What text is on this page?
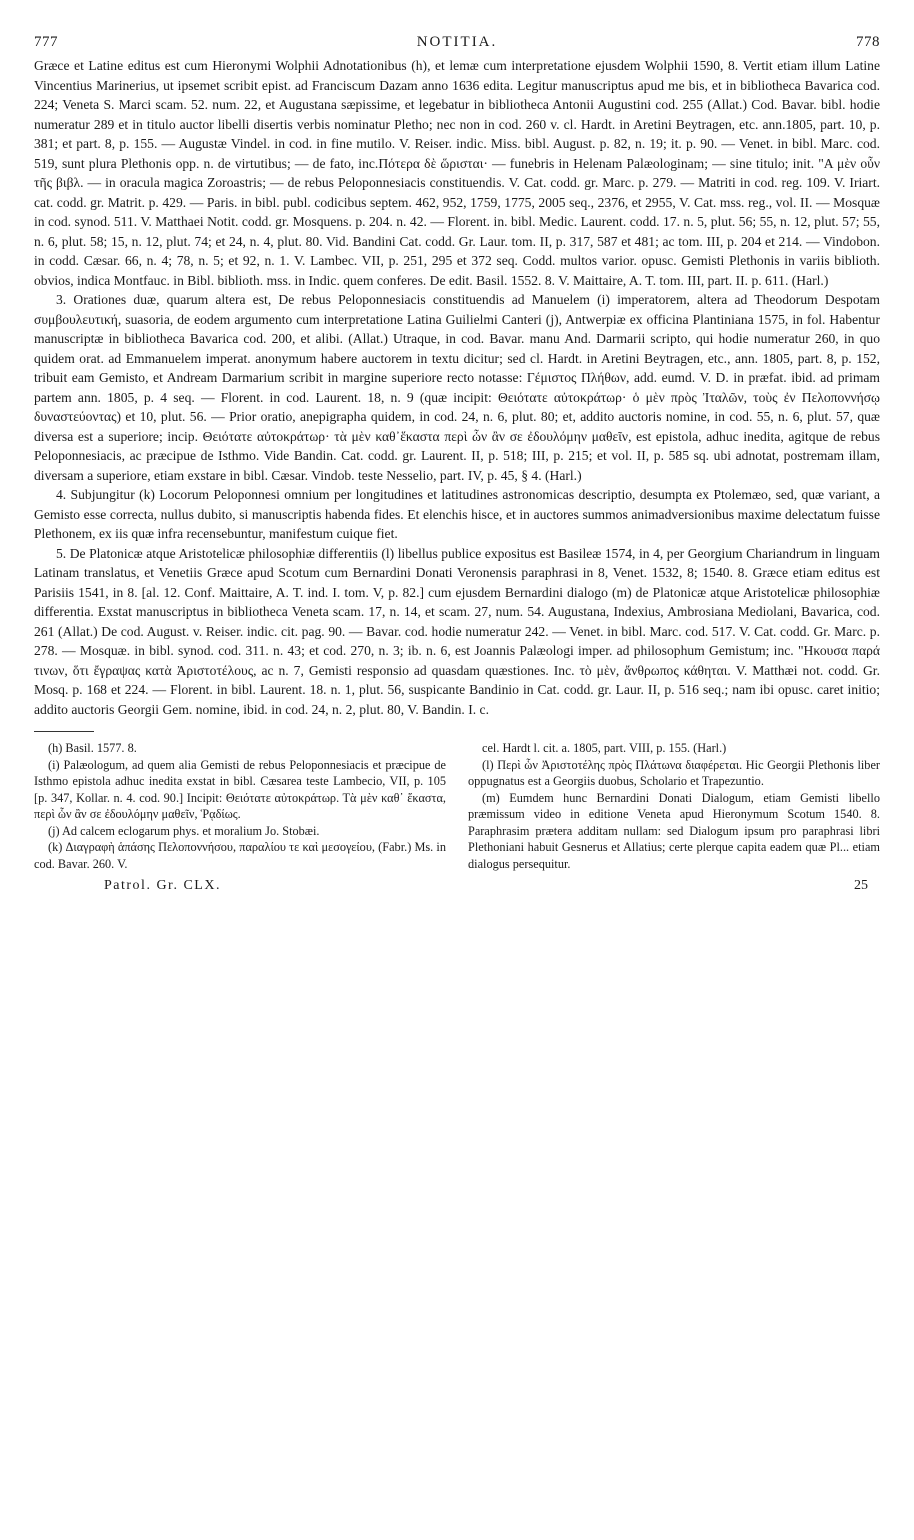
777	NOTITIA.	778

Græce et Latine editus est cum Hieronymi Wolphii Adnotationibus (h), et lemæ cum interpretatione ejusdem Wolphii 1590, 8. Vertit etiam illum Latine Vincentius Marinerius, ut ipsemet scribit epist. ad Franciscum Dazam anno 1636 edita. Legitur manuscriptus apud me bis, et in bibliotheca Bavarica cod. 224; Veneta S. Marci scam. 52. num. 22, et Augustana sæpissime, et legebatur in bibliotheca Antonii Augustini cod. 255 (Allat.) Cod. Bavar. bibl. hodie numeratur 289 et in titulo auctor libelli disertis verbis nominatur Pletho; nec non in cod. 260 v. cl. Hardt. in Aretini Beytragen, etc. ann.1805, part. 10, p. 381; et part. 8, p. 155. — Augustæ Vindel. in cod. in fine mutilo. V. Reiser. indic. Miss. bibl. August. p. 82, n. 19; it. p. 90. — Venet. in bibl. Marc. cod. 519, sunt plura Plethonis opp. n. de virtutibus; — de fato, inc.Πότερα δὲ ὥρισται· — funebris in Helenam Palæologinam; — sine titulo; init. "Α μὲν οὖν τῆς βιβλ. — in oracula magica Zoroastris; — de rebus Peloponnesiacis constituendis. V. Cat. codd. gr. Marc. p. 279. — Matriti in cod. reg. 109. V. Iriart. cat. codd. gr. Matrit. p. 429. — Paris. in bibl. publ. codicibus septem. 462, 952, 1759, 1775, 2005 seq., 2376, et 2955, V. Cat. mss. reg., vol. II. — Mosquæ in cod. synod. 511. V. Matthaei Notit. codd. gr. Mosquens. p. 204. n. 42. — Florent. in. bibl. Medic. Laurent. codd. 17. n. 5, plut. 56; 55, n. 12, plut. 57; 55, n. 6, plut. 58; 15, n. 12, plut. 74; et 24, n. 4, plut. 80. Vid. Bandini Cat. codd. Gr. Laur. tom. II, p. 317, 587 et 481; ac tom. III, p. 204 et 214. — Vindobon. in codd. Cæsar. 66, n. 4; 78, n. 5; et 92, n. 1. V. Lambec. VII, p. 251, 295 et 372 seq. Codd. multos varior. opusc. Gemisti Plethonis in variis biblioth. obvios, indica Montfauc. in Bibl. biblioth. mss. in Indic. quem conferes. De edit. Basil. 1552. 8. V. Maittaire, A. T. tom. III, part. II. p. 611. (Harl.)

3. Orationes duæ, quarum altera est, De rebus Peloponnesiacis constituendis ad Manuelem (i) imperatorem, altera ad Theodorum Despotam συμβουλευτική, suasoria, de eodem argumento cum interpretatione Latina Guilielmi Canteri (j), Antwerpiæ ex officina Plantiniana 1575, in fol. Habentur manuscriptæ in bibliotheca Bavarica cod. 200, et alibi. (Allat.) Utraque, in cod. Bavar. manu And. Darmarii scripto, qui hodie numeratur 260, in quo quidem orat. ad Emmanuelem imperat. anonymum habere auctorem in textu dicitur; sed cl. Hardt. in Aretini Beytragen, etc., ann. 1805, part. 8, p. 152, tribuit eam Gemisto, et Andream Darmarium scribit in margine superiore recto notasse: Γέμιστος Πλήθων, add. eumd. V. D. in præfat. ibid. ad primam partem ann. 1805, p. 4 seq. — Florent. in cod. Laurent. 18, n. 9 (quæ incipit: Θειότατε αὐτοκράτωρ· ὁ μὲν πρὸς Ἰταλῶν, τοὺς ἐν Πελοποννήσῳ δυναστεύοντας) et 10, plut. 56. — Prior oratio, anepigrapha quidem, in cod. 24, n. 6, plut. 80; et, addito auctoris nomine, in cod. 55, n. 6, plut. 57, quæ diversa est a superiore; incip. Θειότατε αὐτοκράτωρ· τὰ μὲν καθ᾽ἕκαστα περὶ ὧν ἂν σε ἐδουλόμην μαθεῖν, est epistola, adhuc inedita, agitque de rebus Peloponnesiacis, ac præcipue de Isthmo. Vide Bandin. Cat. codd. gr. Laurent. II, p. 518; III, p. 215; et vol. II, p. 585 sq. ubi adnotat, postremam illam, diversam a superiore, etiam exstare in bibl. Cæsar. Vindob. teste Nesselio, part. IV, p. 45, § 4. (Harl.)

4. Subjungitur (k) Locorum Peloponnesi omnium per longitudines et latitudines astronomicas descriptio, desumpta ex Ptolemæo, sed, quæ variant, a Gemisto esse correcta, nullus dubito, si manuscriptis habenda fides. Et elenchis hisce, et in auctores summos animadversionibus maxime delectatum fuisse Plethonem, ex iis quæ infra recensebuntur, manifestum cuique fiet.

5. De Platonicæ atque Aristotelicæ philosophiæ differentiis (l) libellus publice expositus est Basileæ 1574, in 4, per Georgium Chariandrum in linguam Latinam translatus, et Venetiis Græce apud Scotum cum Bernardini Donati Veronensis paraphrasi in 8, Venet. 1532, 8; 1540. 8. Græce etiam editus est Parisiis 1541, in 8. [al. 12. Conf. Maittaire, A. T. ind. I. tom. V, p. 82.] cum ejusdem Bernardini dialogo (m) de Platonicæ atque Aristotelicæ philosophiæ differentia. Exstat manuscriptus in bibliotheca Veneta scam. 17, n. 14, et scam. 27, num. 54. Augustana, Indexius, Ambrosiana Mediolani, Bavarica, cod. 261 (Allat.) De cod. August. v. Reiser. indic. cit. pag. 90. — Bavar. cod. hodie numeratur 242. — Venet. in bibl. Marc. cod. 517. V. Cat. codd. Gr. Marc. p. 278. — Mosquæ. in bibl. synod. cod. 311. n. 43; et cod. 270, n. 3; ib. n. 6, est Joannis Palæologi imper. ad philosophum Gemistum; inc. "Ηκουσα παρά τινων, ὅτι ἔγραψας κατὰ Ἀριστοτέλους, ac n. 7, Gemisti responsio ad quasdam quæstiones. Inc. τὸ μὲν, ἄνθρωπος κάθηται. V. Matthæi not. codd. Gr. Mosq. p. 168 et 224. — Florent. in bibl. Laurent. 18. n. 1, plut. 56, suspicante Bandinio in Cat. codd. gr. Laur. II, p. 516 seq.; nam ibi opusc. caret initio; addito auctoris Georgii Gem. nomine, ibid. in cod. 24, n. 2, plut. 80, V. Bandin. I. c.

(h) Basil. 1577. 8.

(i) Palæologum, ad quem alia Gemisti de rebus Peloponnesiacis et præcipue de Isthmo epistola adhuc inedita exstat in bibl. Cæsarea teste Lambecio, VII, p. 105 [p. 347, Kollar. n. 4. cod. 90.] Incipit: Θειότατε αὐτοκράτωρ. Τὰ μὲν καθ᾽ ἕκαστα, περὶ ὧν ἂν σε ἐδουλόμην μαθεῖν, Ῥᾳδίως.

(j) Ad calcem eclogarum phys. et moralium Jo. Stobæi.

(k) Διαγραφὴ ἁπάσης Πελοποννήσου, παραλίου τε καὶ μεσογείου, (Fabr.) Ms. in cod. Bavar. 260. V.

cel. Hardt l. cit. a. 1805, part. VIII, p. 155. (Harl.)

(l) Περὶ ὧν Ἀριστοτέλης πρὸς Πλάτωνα διαφέρεται. Hic Georgii Plethonis liber oppugnatus est a Georgiis duobus, Scholario et Trapezuntio.

(m) Eumdem hunc Bernardini Donati Dialogum, etiam Gemisti libello præmissum video in editione Veneta apud Hieronymum Scotum 1540. 8. Paraphrasim prætera additam nullam: sed Dialogum ipsum pro paraphrasi libri Plethoniani habuit Gesnerus et Allatius; certe plerque capita eadem quæ Pl... etiam dialogus persequitur.

Patrol. Gr. CLX.	25
